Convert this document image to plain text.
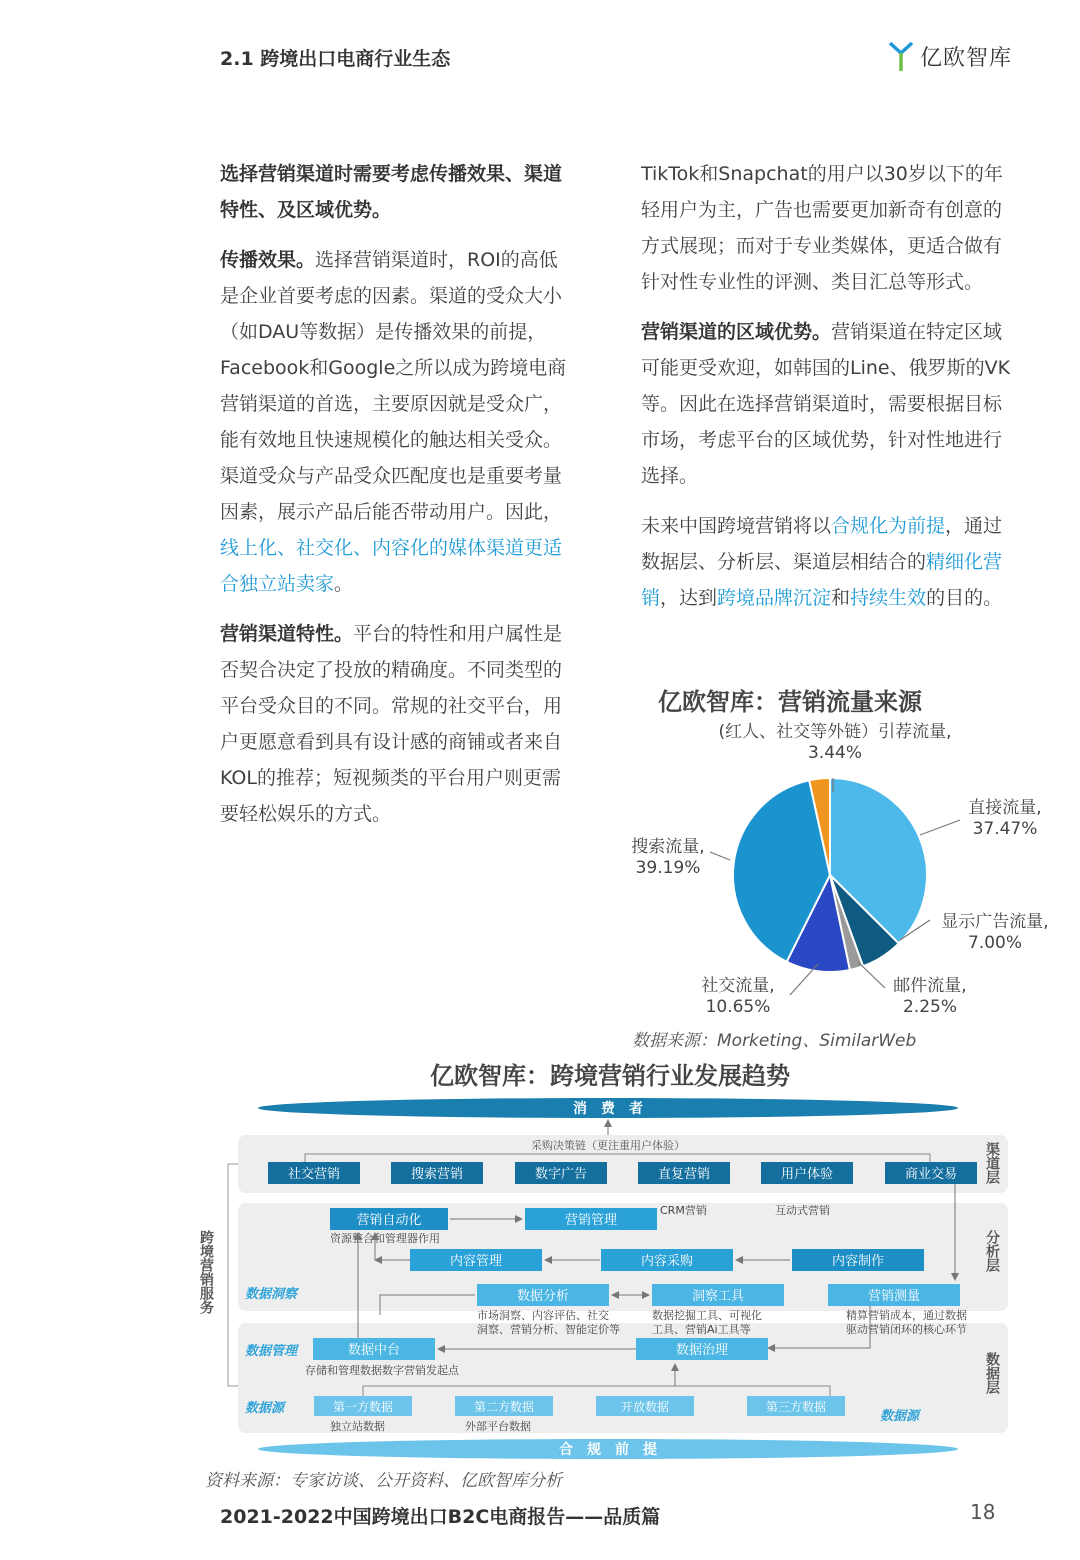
2.1 跨境出口电商行业生态	亿欧智库

选择营销渠道时需要考虑传播效果、渠道特性、及区域优势。

传播效果。选择营销渠道时，ROI的高低是企业首要考虑的因素。渠道的受众大小（如DAU等数据）是传播效果的前提，Facebook和Google之所以成为跨境电商营销渠道的首选，主要原因就是受众广，能有效地且快速规模化的触达相关受众。渠道受众与产品受众匹配度也是重要考量因素，展示产品后能否带动用户。因此，线上化、社交化、内容化的媒体渠道更适合独立站卖家。

营销渠道特性。平台的特性和用户属性是否契合决定了投放的精确度。不同类型的平台受众目的不同。常规的社交平台，用户更愿意看到具有设计感的商铺或者来自KOL的推荐；短视频类的平台用户则更需要轻松娱乐的方式。

TikTok和Snapchat的用户以30岁以下的年轻用户为主，广告也需要更加新奇有创意的方式展现；而对于专业类媒体，更适合做有针对性专业性的评测、类目汇总等形式。

营销渠道的区域优势。营销渠道在特定区域可能更受欢迎，如韩国的Line、俄罗斯的VK等。因此在选择营销渠道时，需要根据目标市场，考虑平台的区域优势，针对性地进行选择。

未来中国跨境营销将以合规化为前提，通过数据层、分析层、渠道层相结合的精细化营销，达到跨境品牌沉淀和持续生效的目的。

亿欧智库：营销流量来源
(红人、社交等外链）引荐流量,
3.44%
直接流量,
37.47%
显示广告流量,
7.00%
邮件流量,
2.25%
社交流量,
10.65%
搜索流量,
39.19%
数据来源：Morketing、SimilarWeb
亿欧智库：跨境营销行业发展趋势
消　费　者
跨境营销服务
渠道层
分析层
数据层
采购决策链（更注重用户体验）
社交营销	搜索营销	数字广告	直复营销	用户体验	商业交易
营销自动化	营销管理
内容管理	内容采购	内容制作
数据分析	洞察工具	营销测量
CRM营销	互动式营销
资源整合和管理器作用
市场洞察、内容评估、社交
洞察、营销分析、智能定价等
数据挖掘工具、可视化
工具、营销Ai工具等
精算营销成本，通过数据
驱动营销闭环的核心环节
数据洞察
数据中台	数据治理
存储和管理数据数字营销发起点
数据管理
第一方数据	第二方数据	开放数据	第三方数据
独立站数据	外部平台数据
数据源
数据源
合　规　前　提
资料来源：专家访谈、公开资料、亿欧智库分析
2021-2022中国跨境出口B2C电商报告——品质篇	18
